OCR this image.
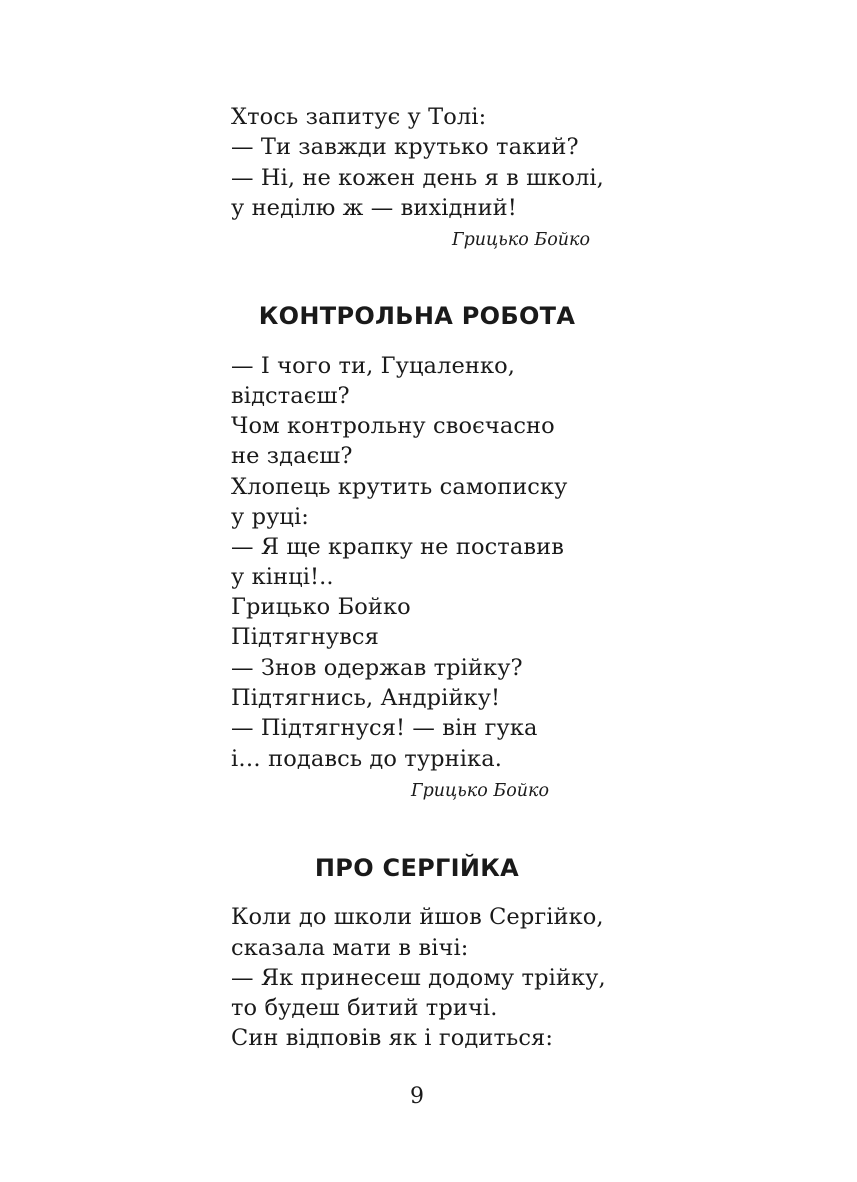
Хтось запитує у Толі:
— Ти завжди крутько такий?
— Ні, не кожен день я в школі,
у неділю ж — вихідний!
Грицько Бойко
КОНТРОЛЬНА РОБОТА
— І чого ти, Гуцаленко,
відстаєш?
Чом контрольну своєчасно
не здаєш?
Хлопець крутить самописку
у руці:
— Я ще крапку не поставив
у кінці!..
Грицько Бойко
Підтягнувся
— Знов одержав трійку?
Підтягнись, Андрійку!
— Підтягнуся! — він гука
і… подавсь до турніка.
Грицько Бойко
ПРО СЕРГІЙКА
Коли до школи йшов Сергійко,
сказала мати в вічі:
— Як принесеш додому трійку,
то будеш битий тричі.
Син відповів як і годиться:
9
